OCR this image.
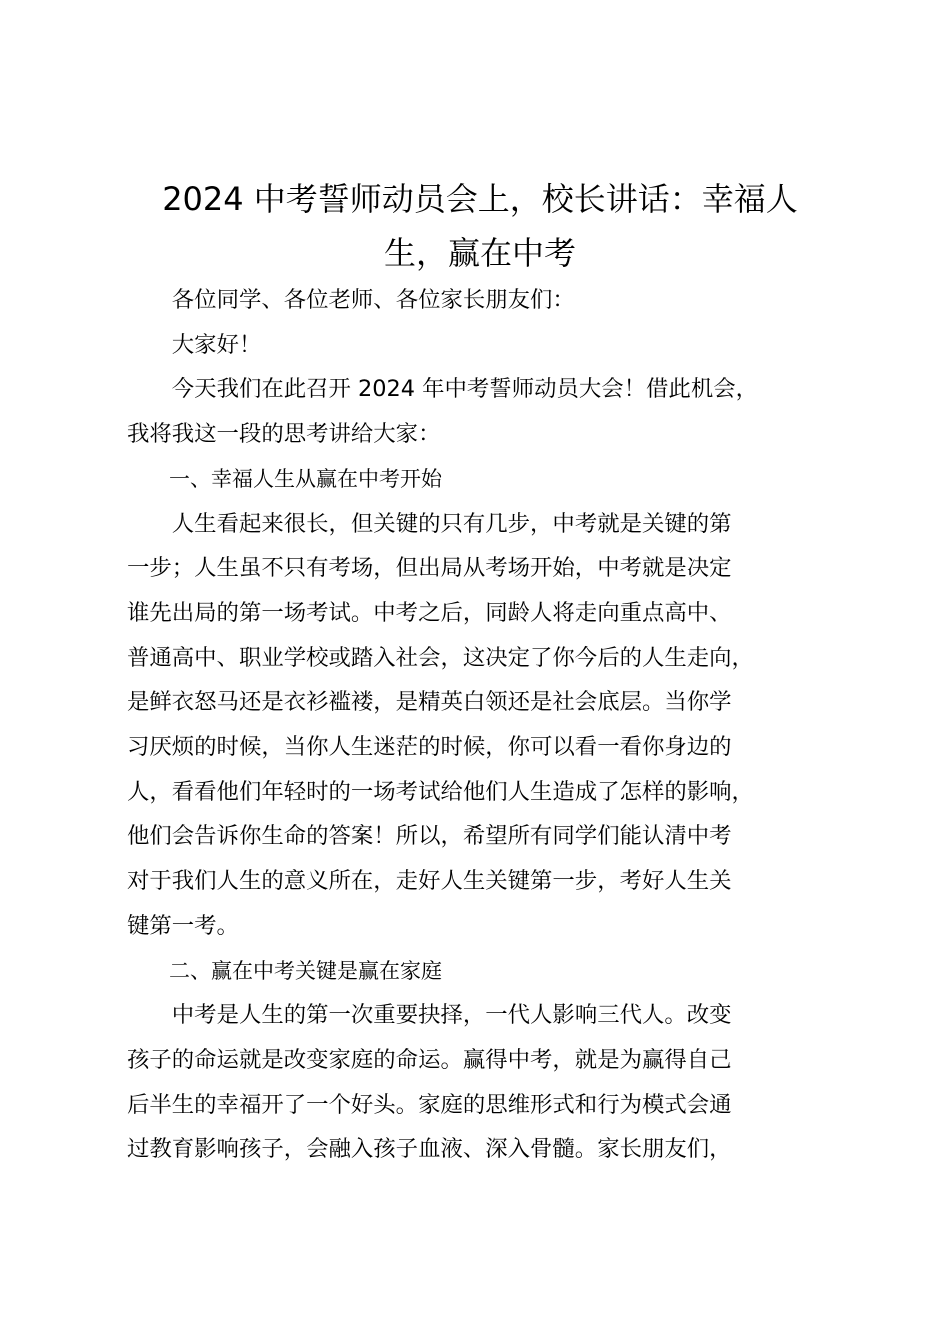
2024 中考誓师动员会上，校长讲话：幸福人
生，赢在中考

各位同学、各位老师、各位家长朋友们：

大家好！

今天我们在此召开 2024 年中考誓师动员大会！借此机会，
我将我这一段的思考讲给大家：

一、幸福人生从赢在中考开始

人生看起来很长，但关键的只有几步，中考就是关键的第
一步；人生虽不只有考场，但出局从考场开始，中考就是决定
谁先出局的第一场考试。中考之后，同龄人将走向重点高中、
普通高中、职业学校或踏入社会，这决定了你今后的人生走向，
是鲜衣怒马还是衣衫褴褛，是精英白领还是社会底层。当你学
习厌烦的时候，当你人生迷茫的时候，你可以看一看你身边的
人，看看他们年轻时的一场考试给他们人生造成了怎样的影响，
他们会告诉你生命的答案！所以，希望所有同学们能认清中考
对于我们人生的意义所在，走好人生关键第一步，考好人生关
键第一考。

二、赢在中考关键是赢在家庭

中考是人生的第一次重要抉择，一代人影响三代人。改变
孩子的命运就是改变家庭的命运。赢得中考，就是为赢得自己
后半生的幸福开了一个好头。家庭的思维形式和行为模式会通
过教育影响孩子，会融入孩子血液、深入骨髓。家长朋友们，
